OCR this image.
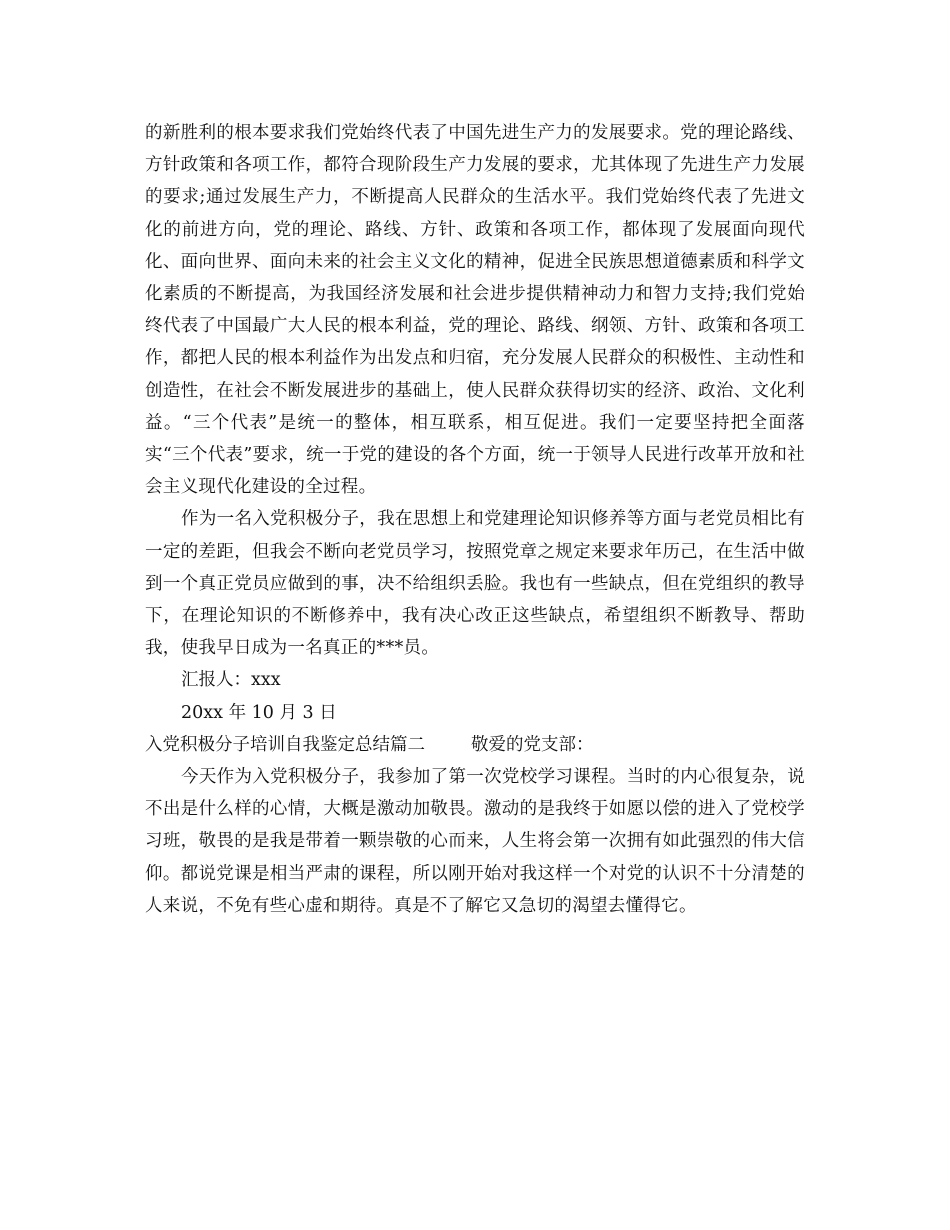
的新胜利的根本要求我们党始终代表了中国先进生产力的发展要求。党的理论路线、方针政策和各项工作，都符合现阶段生产力发展的要求，尤其体现了先进生产力发展的要求;通过发展生产力，不断提高人民群众的生活水平。我们党始终代表了先进文化的前进方向，党的理论、路线、方针、政策和各项工作，都体现了发展面向现代化、面向世界、面向未来的社会主义文化的精神，促进全民族思想道德素质和科学文化素质的不断提高，为我国经济发展和社会进步提供精神动力和智力支持;我们党始终代表了中国最广大人民的根本利益，党的理论、路线、纲领、方针、政策和各项工作，都把人民的根本利益作为出发点和归宿，充分发展人民群众的积极性、主动性和创造性，在社会不断发展进步的基础上，使人民群众获得切实的经济、政治、文化利益。“三个代表”是统一的整体，相互联系，相互促进。我们一定要坚持把全面落实“三个代表”要求，统一于党的建设的各个方面，统一于领导人民进行改革开放和社会主义现代化建设的全过程。

作为一名入党积极分子，我在思想上和党建理论知识修养等方面与老党员相比有一定的差距，但我会不断向老党员学习，按照党章之规定来要求年历己，在生活中做到一个真正党员应做到的事，决不给组织丢脸。我也有一些缺点，但在党组织的教导下，在理论知识的不断修养中，我有决心改正这些缺点，希望组织不断教导、帮助我，使我早日成为一名真正的***员。

汇报人：xxx

20xx 年 10 月 3 日

入党积极分子培训自我鉴定总结篇二	敬爱的党支部：

今天作为入党积极分子，我参加了第一次党校学习课程。当时的内心很复杂，说不出是什么样的心情，大概是激动加敬畏。激动的是我终于如愿以偿的进入了党校学习班，敬畏的是我是带着一颗崇敬的心而来，人生将会第一次拥有如此强烈的伟大信仰。都说党课是相当严肃的课程，所以刚开始对我这样一个对党的认识不十分清楚的人来说，不免有些心虚和期待。真是不了解它又急切的渴望去懂得它。
